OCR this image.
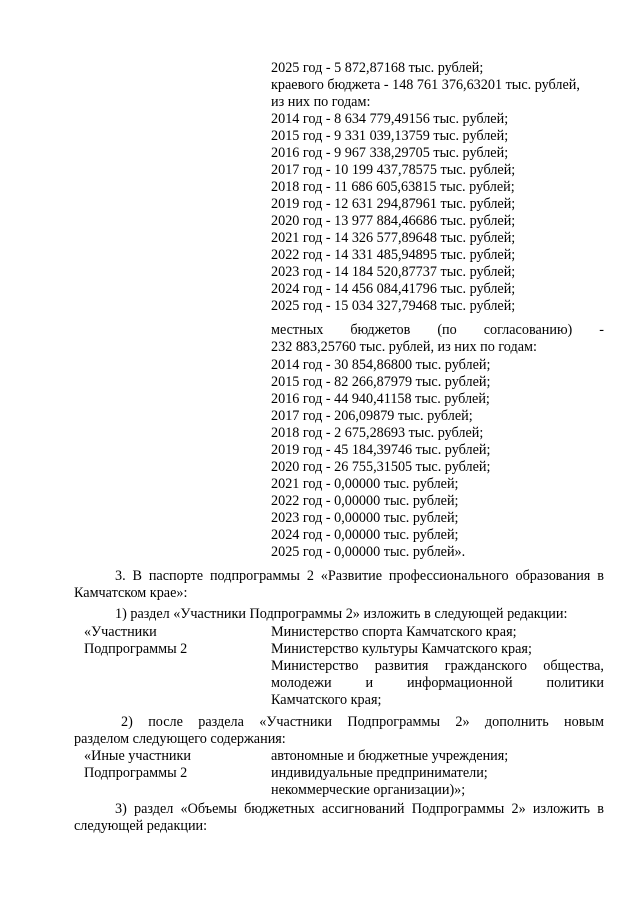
2025 год - 5 872,87168 тыс. рублей;
краевого бюджета - 148 761 376,63201 тыс. рублей,
из них по годам:
2014 год - 8 634 779,49156 тыс. рублей;
2015 год - 9 331 039,13759 тыс. рублей;
2016 год - 9 967 338,29705 тыс. рублей;
2017 год - 10 199 437,78575 тыс. рублей;
2018 год - 11 686 605,63815 тыс. рублей;
2019 год - 12 631 294,87961 тыс. рублей;
2020 год - 13 977 884,46686 тыс. рублей;
2021 год - 14 326 577,89648 тыс. рублей;
2022 год - 14 331 485,94895 тыс. рублей;
2023 год - 14 184 520,87737 тыс. рублей;
2024 год - 14 456 084,41796 тыс. рублей;
2025 год - 15 034 327,79468 тыс. рублей;
местных бюджетов (по согласованию) -
232 883,25760 тыс. рублей, из них по годам:
2014 год - 30 854,86800 тыс. рублей;
2015 год - 82 266,87979 тыс. рублей;
2016 год - 44 940,41158 тыс. рублей;
2017 год - 206,09879 тыс. рублей;
2018 год - 2 675,28693 тыс. рублей;
2019 год - 45 184,39746 тыс. рублей;
2020 год - 26 755,31505 тыс. рублей;
2021 год - 0,00000 тыс. рублей;
2022 год - 0,00000 тыс. рублей;
2023 год - 0,00000 тыс. рублей;
2024 год - 0,00000 тыс. рублей;
2025 год - 0,00000 тыс. рублей».
3. В паспорте подпрограммы 2 «Развитие профессионального образования в
Камчатском крае»:
1) раздел «Участники Подпрограммы 2» изложить в следующей редакции:
«Участники
Подпрограммы 2
Министерство спорта Камчатского края;
Министерство культуры Камчатского края;
Министерство развития гражданского общества,
молодежи и информационной политики
Камчатского края;
2) после раздела «Участники Подпрограммы 2» дополнить новым
разделом следующего содержания:
«Иные участники
Подпрограммы 2
автономные и бюджетные учреждения;
индивидуальные предприниматели;
некоммерческие организации)»;
3) раздел «Объемы бюджетных ассигнований Подпрограммы 2» изложить в
следующей редакции:
